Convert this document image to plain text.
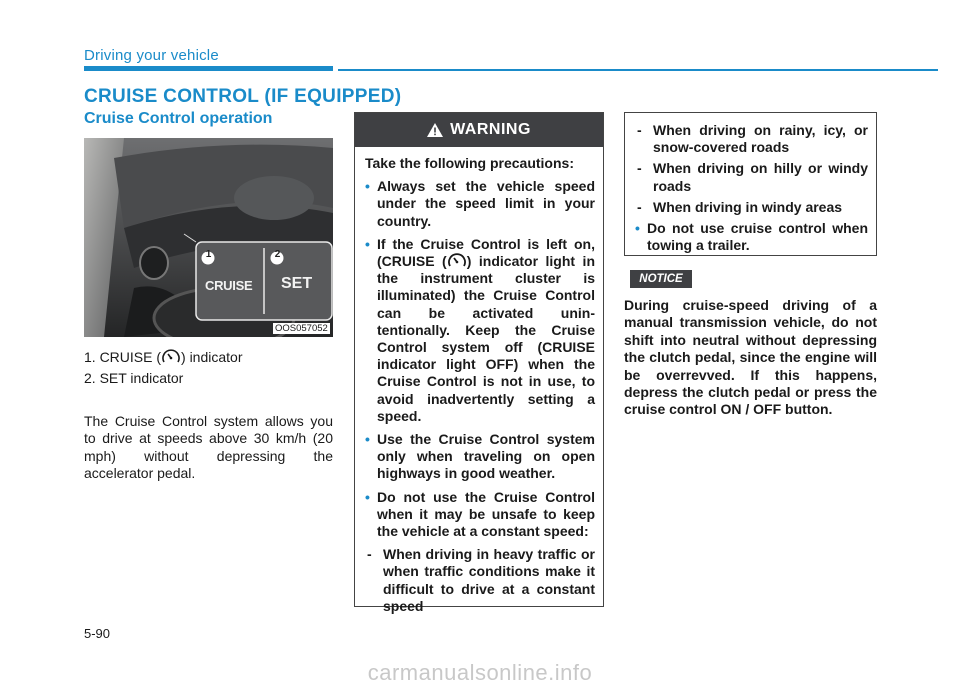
Driving your vehicle
CRUISE CONTROL (IF EQUIPPED)
Cruise Control operation
1	2
CRUISE SET
OOS057052
1. CRUISE ( ) indicator
2. SET indicator
The Cruise Control system allows you to drive at speeds above 30 km/h (20 mph) without depressing the accelerator pedal.
WARNING
Take the following precautions:
• Always set the vehicle speed under the speed limit in your country.
• If the Cruise Control is left on, (CRUISE ( ) indicator light in the instrument cluster is illuminated) the Cruise Control can be activated unin-tentionally. Keep the Cruise Control system off (CRUISE indicator light OFF) when the Cruise Control is not in use, to avoid inadvertently setting a speed.
• Use the Cruise Control system only when traveling on open highways in good weather.
• Do not use the Cruise Control when it may be unsafe to keep the vehicle at a constant speed:
- When driving in heavy traffic or when traffic conditions make it difficult to drive at a constant speed
- When driving on rainy, icy, or snow-covered roads
- When driving on hilly or windy roads
- When driving in windy areas
• Do not use cruise control when towing a trailer.
NOTICE
During cruise-speed driving of a manual transmission vehicle, do not shift into neutral without depressing the clutch pedal, since the engine will be overrevved. If this happens, depress the clutch pedal or press the cruise control ON / OFF button.
5-90
carmanualsonline.info
